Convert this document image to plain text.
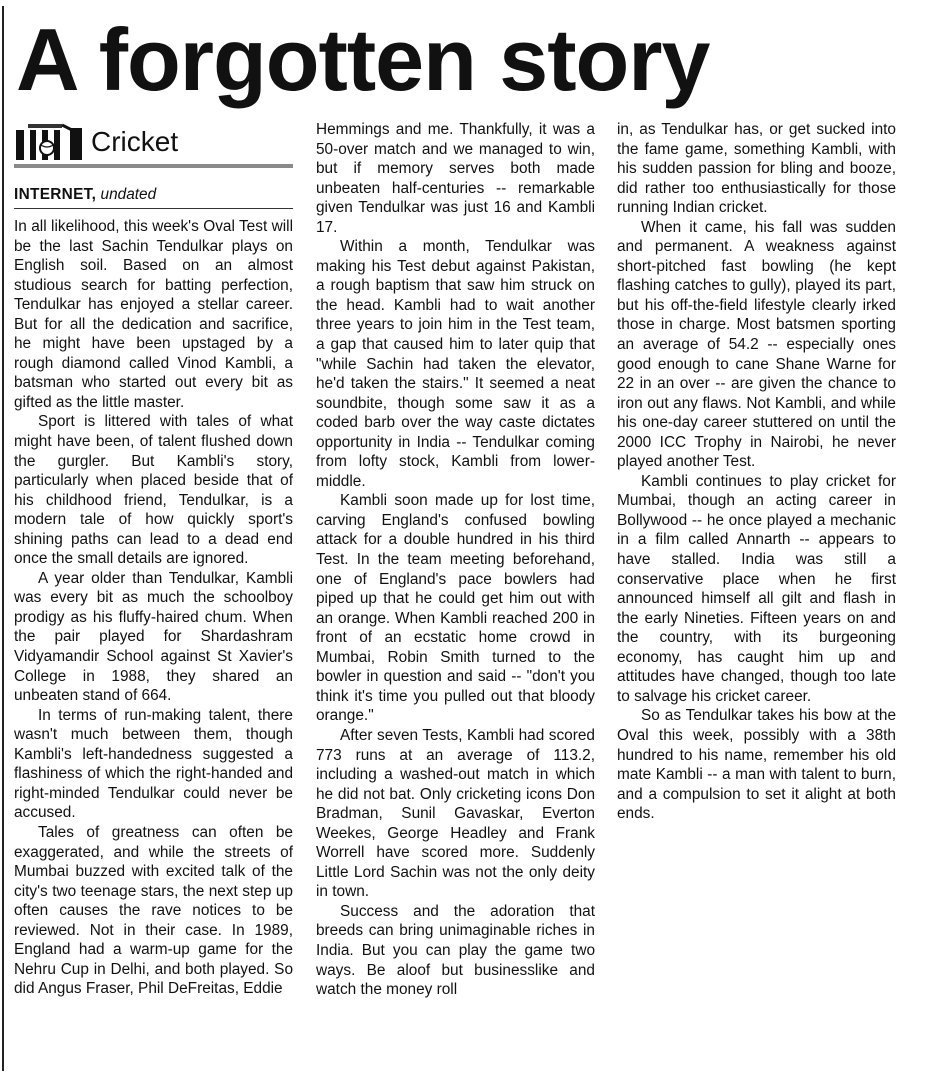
A forgotten story
Cricket
INTERNET, undated

In all likelihood, this week's Oval Test will be the last Sachin Tendulkar plays on English soil. Based on an almost studious search for batting perfection, Tendulkar has enjoyed a stellar career. But for all the dedication and sacrifice, he might have been upstaged by a rough diamond called Vinod Kambli, a batsman who started out every bit as gifted as the little master.

Sport is littered with tales of what might have been, of talent flushed down the gurgler. But Kambli's story, particularly when placed beside that of his childhood friend, Tendulkar, is a modern tale of how quickly sport's shining paths can lead to a dead end once the small details are ignored.

A year older than Tendulkar, Kambli was every bit as much the schoolboy prodigy as his fluffy-haired chum. When the pair played for Shardashram Vidyamandir School against St Xavier's College in 1988, they shared an unbeaten stand of 664.

In terms of run-making talent, there wasn't much between them, though Kambli's left-handedness suggested a flashiness of which the right-handed and right-minded Tendulkar could never be accused.

Tales of greatness can often be exaggerated, and while the streets of Mumbai buzzed with excited talk of the city's two teenage stars, the next step up often causes the rave notices to be reviewed. Not in their case. In 1989, England had a warm-up game for the Nehru Cup in Delhi, and both played. So did Angus Fraser, Phil DeFreitas, Eddie

Hemmings and me. Thankfully, it was a 50-over match and we managed to win, but if memory serves both made unbeaten half-centuries -- remarkable given Tendulkar was just 16 and Kambli 17.

Within a month, Tendulkar was making his Test debut against Pakistan, a rough baptism that saw him struck on the head. Kambli had to wait another three years to join him in the Test team, a gap that caused him to later quip that "while Sachin had taken the elevator, he'd taken the stairs." It seemed a neat soundbite, though some saw it as a coded barb over the way caste dictates opportunity in India -- Tendulkar coming from lofty stock, Kambli from lower-middle.

Kambli soon made up for lost time, carving England's confused bowling attack for a double hundred in his third Test. In the team meeting beforehand, one of England's pace bowlers had piped up that he could get him out with an orange. When Kambli reached 200 in front of an ecstatic home crowd in Mumbai, Robin Smith turned to the bowler in question and said -- "don't you think it's time you pulled out that bloody orange."

After seven Tests, Kambli had scored 773 runs at an average of 113.2, including a washed-out match in which he did not bat. Only cricketing icons Don Bradman, Sunil Gavaskar, Everton Weekes, George Headley and Frank Worrell have scored more. Suddenly Little Lord Sachin was not the only deity in town.

Success and the adoration that breeds can bring unimaginable riches in India. But you can play the game two ways. Be aloof but businesslike and watch the money roll

in, as Tendulkar has, or get sucked into the fame game, something Kambli, with his sudden passion for bling and booze, did rather too enthusiastically for those running Indian cricket.

When it came, his fall was sudden and permanent. A weakness against short-pitched fast bowling (he kept flashing catches to gully), played its part, but his off-the-field lifestyle clearly irked those in charge. Most batsmen sporting an average of 54.2 -- especially ones good enough to cane Shane Warne for 22 in an over -- are given the chance to iron out any flaws. Not Kambli, and while his one-day career stuttered on until the 2000 ICC Trophy in Nairobi, he never played another Test.

Kambli continues to play cricket for Mumbai, though an acting career in Bollywood -- he once played a mechanic in a film called Annarth -- appears to have stalled. India was still a conservative place when he first announced himself all gilt and flash in the early Nineties. Fifteen years on and the country, with its burgeoning economy, has caught him up and attitudes have changed, though too late to salvage his cricket career.

So as Tendulkar takes his bow at the Oval this week, possibly with a 38th hundred to his name, remember his old mate Kambli -- a man with talent to burn, and a compulsion to set it alight at both ends.
